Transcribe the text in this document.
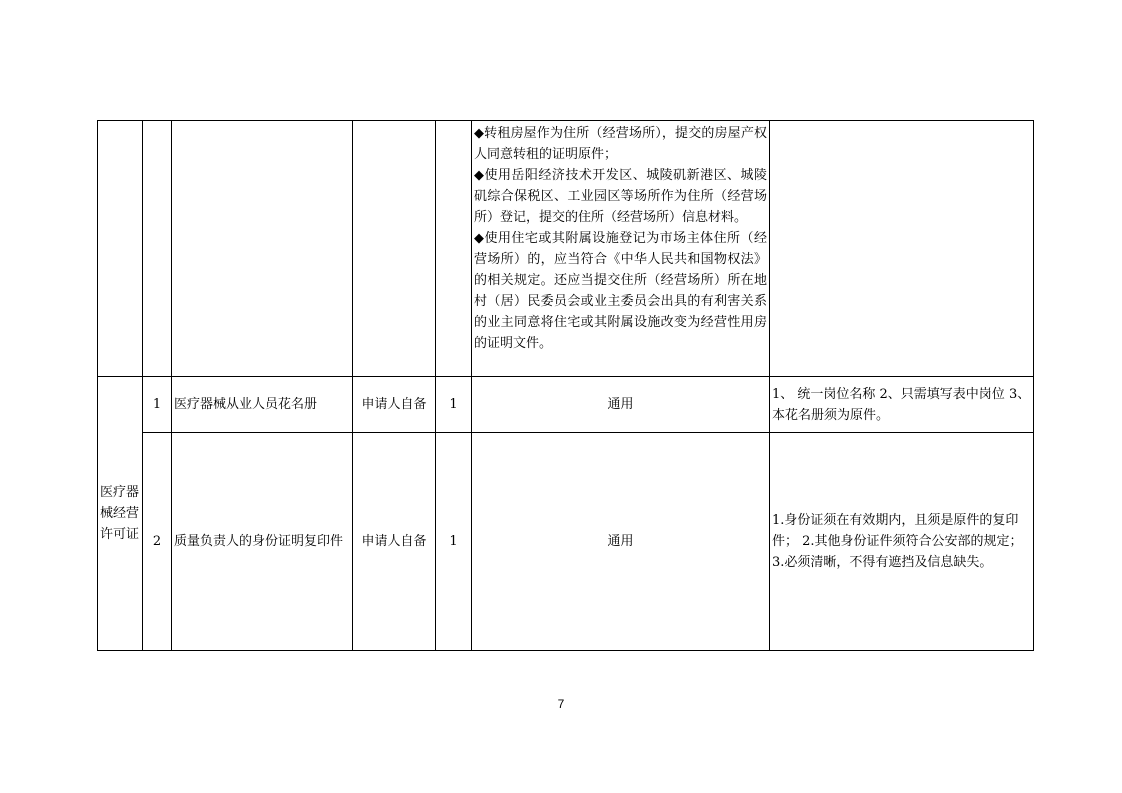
					◆转租房屋作为住所（经营场所），提交的房屋产权人同意转租的证明原件；
◆使用岳阳经济技术开发区、城陵矶新港区、城陵矶综合保税区、工业园区等场所作为住所（经营场所）登记，提交的住所（经营场所）信息材料。
◆使用住宅或其附属设施登记为市场主体住所（经营场所）的，应当符合《中华人民共和国物权法》的相关规定。还应当提交住所（经营场所）所在地村（居）民委员会或业主委员会出具的有利害关系的业主同意将住宅或其附属设施改变为经营性用房的证明文件。	

医疗器械经营许可证	1	医疗器械从业人员花名册	申请人自备	1	通用	1、 统一岗位名称 2、只需填写表中岗位 3、本花名册须为原件。
	2	质量负责人的身份证明复印件	申请人自备	1	通用	1.身份证须在有效期内，且须是原件的复印件； 2.其他身份证件须符合公安部的规定； 3.必须清晰，不得有遮挡及信息缺失。
7
